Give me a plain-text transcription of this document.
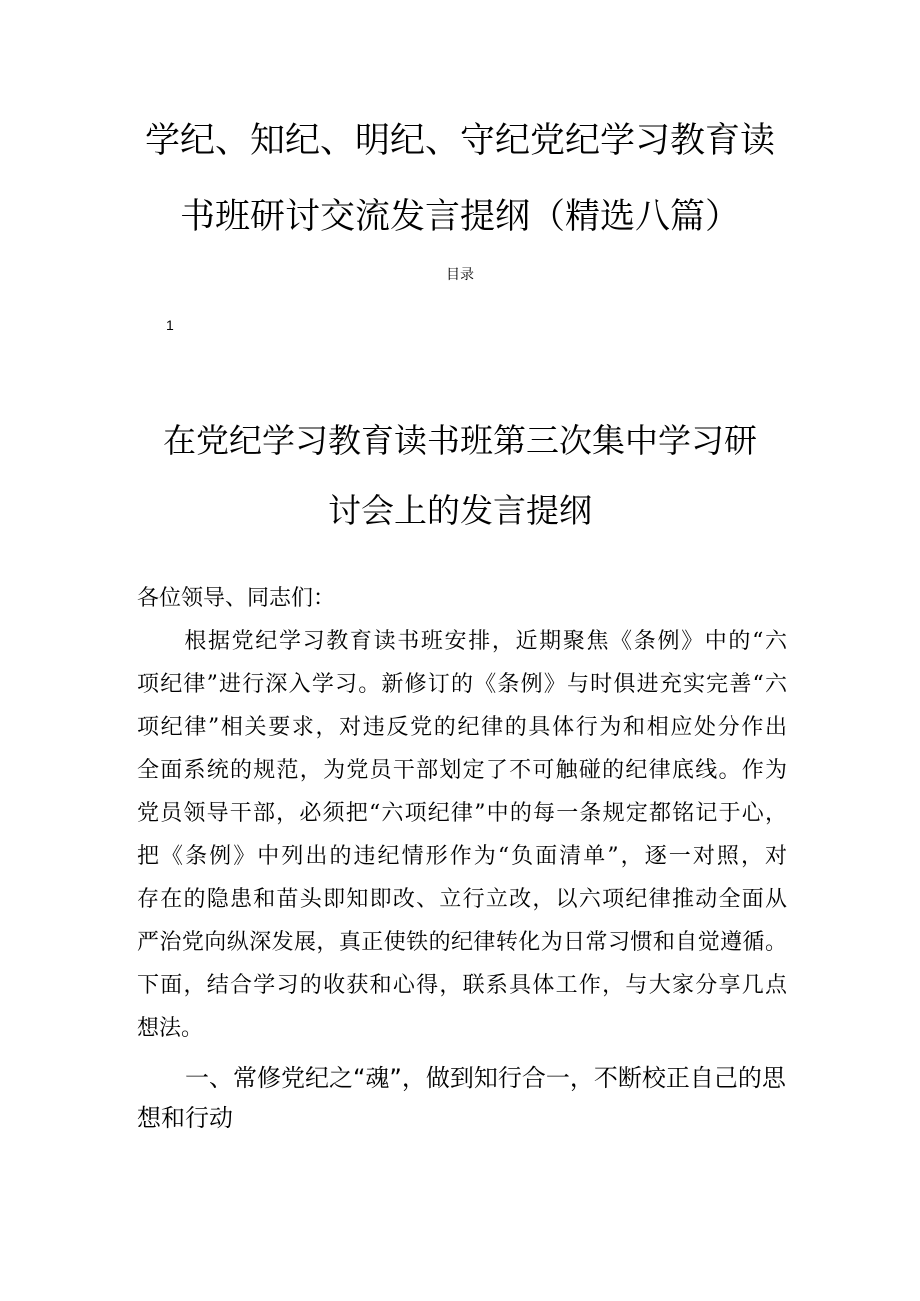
学纪、知纪、明纪、守纪党纪学习教育读
书班研讨交流发言提纲（精选八篇）
目录
1
在党纪学习教育读书班第三次集中学习研
讨会上的发言提纲
各位领导、同志们：
　　根据党纪学习教育读书班安排，近期聚焦《条例》中的“六
项纪律”进行深入学习。新修订的《条例》与时俱进充实完善“六
项纪律”相关要求，对违反党的纪律的具体行为和相应处分作出
全面系统的规范，为党员干部划定了不可触碰的纪律底线。作为
党员领导干部，必须把“六项纪律”中的每一条规定都铭记于心，
把《条例》中列出的违纪情形作为“负面清单”，逐一对照，对
存在的隐患和苗头即知即改、立行立改，以六项纪律推动全面从
严治党向纵深发展，真正使铁的纪律转化为日常习惯和自觉遵循。
下面，结合学习的收获和心得，联系具体工作，与大家分享几点
想法。
　　一、常修党纪之“魂”，做到知行合一，不断校正自己的思
想和行动
